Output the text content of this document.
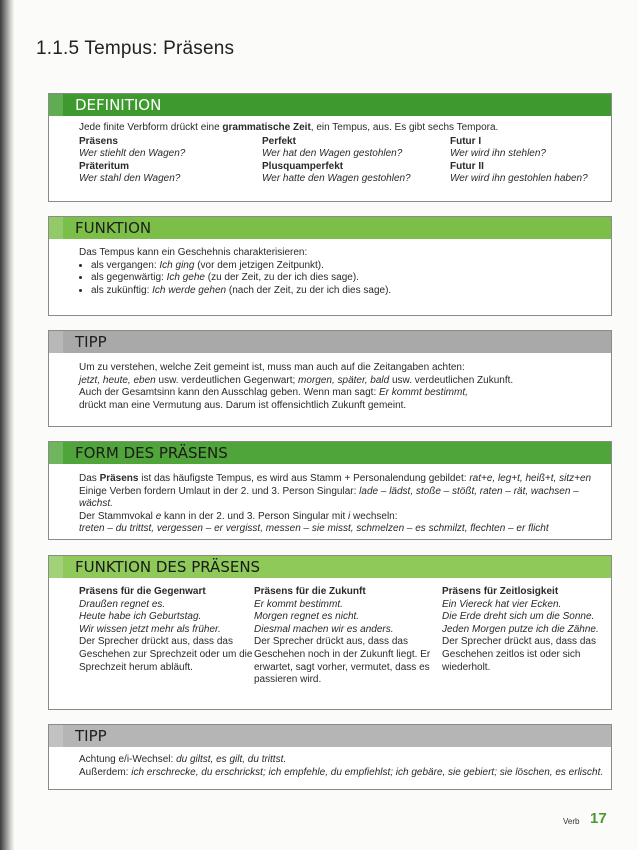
1.1.5 Tempus: Präsens
DEFINITION

Jede finite Verbform drückt eine grammatische Zeit, ein Tempus, aus. Es gibt sechs Tempora.

Präsens	Perfekt	Futur I
Wer stiehlt den Wagen?	Wer hat den Wagen gestohlen?	Wer wird ihn stehlen?
Präteritum	Plusquamperfekt	Futur II
Wer stahl den Wagen?	Wer hatte den Wagen gestohlen?	Wer wird ihn gestohlen haben?
FUNKTION

Das Tempus kann ein Geschehnis charakterisieren:

• als vergangen: Ich ging (vor dem jetzigen Zeitpunkt).
• als gegenwärtig: Ich gehe (zu der Zeit, zu der ich dies sage).
• als zukünftig: Ich werde gehen (nach der Zeit, zu der ich dies sage).
TIPP

Um zu verstehen, welche Zeit gemeint ist, muss man auch auf die Zeitangaben achten:

jetzt, heute, eben usw. verdeutlichen Gegenwart; morgen, später, bald usw. verdeutlichen Zukunft.

Auch der Gesamtsinn kann den Ausschlag geben. Wenn man sagt: Er kommt bestimmt,

drückt man eine Vermutung aus. Darum ist offensichtlich Zukunft gemeint.

FORM DES PRÄSENS

Das Präsens ist das häufigste Tempus, es wird aus Stamm + Personalendung gebildet: rat+e, leg+t, heiß+t, sitz+en

Einige Verben fordern Umlaut in der 2. und 3. Person Singular: lade – lädst, stoße – stößt, raten – rät, wachsen – wächst.

Der Stammvokal e kann in der 2. und 3. Person Singular mit i wechseln:

treten – du trittst, vergessen – er vergisst, messen – sie misst, schmelzen – es schmilzt, flechten – er flicht

FUNKTION DES PRÄSENS
Präsens für die Gegenwart
Draußen regnet es.
Heute habe ich Geburtstag.
Wir wissen jetzt mehr als früher.
Der Sprecher drückt aus, dass das Geschehen zur Sprechzeit oder um die Sprechzeit herum abläuft.
Präsens für die Zukunft
Er kommt bestimmt.
Morgen regnet es nicht.
Diesmal machen wir es anders.
Der Sprecher drückt aus, dass das Geschehen noch in der Zukunft liegt. Er erwartet, sagt vorher, vermutet, dass es passieren wird.
Präsens für Zeitlosigkeit
Ein Viereck hat vier Ecken.
Die Erde dreht sich um die Sonne.
Jeden Morgen putze ich die Zähne.
Der Sprecher drückt aus, dass das Geschehen zeitlos ist oder sich wiederholt.
TIPP

Achtung e/i-Wechsel: du giltst, es gilt, du trittst.

Außerdem: ich erschrecke, du erschrickst; ich empfehle, du empfiehlst; ich gebäre, sie gebiert; sie löschen, es erlischt.

Verb 17
